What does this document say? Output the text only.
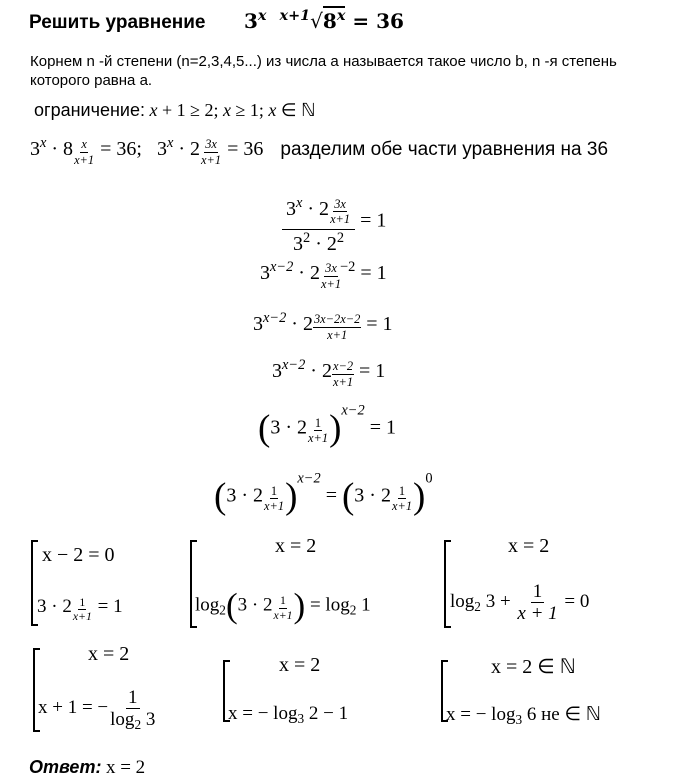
Решить уравнение 3$^x$ $^{x+1}√8^x = 36$
Корнем n -й степени (n=2,3,4,5...) из числа a называется такое число b, n -я степень которого равна a.
ограничение: x + 1 ≥ 2; x ≥ 1; x ∈ ℕ
$3^x \cdot 8 \frac{x}{x+1} = 36$; $3^x \cdot 2 \frac{3x}{x+1} = 36$ разделим обе части уравнения на 36
$\frac{3^x \cdot 2 \frac{3x}{x+1}}{3^2 \cdot 2^2} = 1$
$3^{x-2} \cdot 2 \frac{3x}{x+1}$
$^{-2}$ = 1
$3^{x-2} \cdot 2 \frac{3x-2x-2}{x+1} = 1$
$3^{x-2} \cdot 2 \frac{x-2}{x+1} = 1$
$(3 \cdot 2 \frac{1}{x+1} )^{x-2} = 1$
$(3 \cdot 2 \frac{1}{x+1} )^{x-2} = (3 \cdot 2 \frac{1}{x+1} )^0$
x − 2 = 0
$3 \cdot 2 \frac{1}{x+1} = 1$
x = 2
$\log_2(3 \cdot 2 \frac{1}{x+1}$ ) = $\log_2 1$
x = 2
$\log_2 3 + \frac{1}{x + 1} = 0$
x = 2
x + 1 = − $\frac{1}{\log_2 3}$
x = 2
x = − $\log_3 2 - 1$
x = 2 ∈ ℕ
x = − $\log_3 6$ не ∈ ℕ
Ответ: x = 2
